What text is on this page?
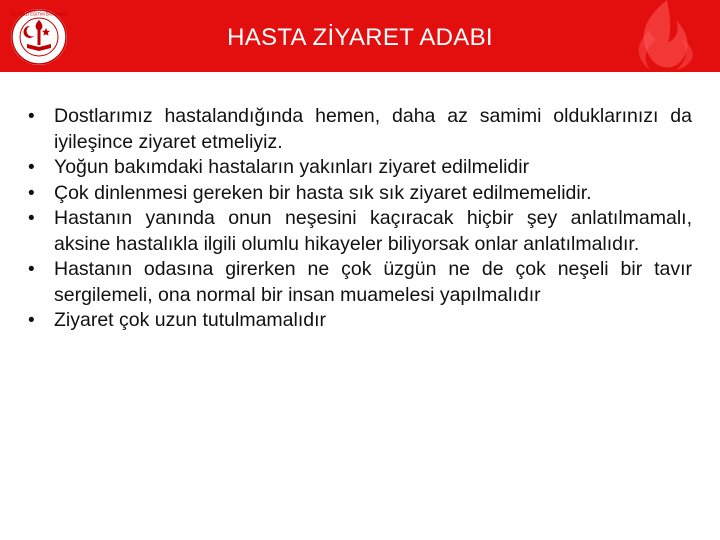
T.C. MİLLİ EĞİTİM BAKANLIĞI
HASTA ZİYARET ADABI
• Dostlarımız hastalandığında hemen, daha az samimi olduklarınızı da iyileşince ziyaret etmeliyiz.
• Yoğun bakımdaki hastaların yakınları ziyaret edilmelidir
• Çok dinlenmesi gereken bir hasta sık sık ziyaret edilmemelidir.
• Hastanın yanında onun neşesini kaçıracak hiçbir şey anlatılmamalı, aksine hastalıkla ilgili olumlu hikayeler biliyorsak onlar anlatılmalıdır.
• Hastanın odasına girerken ne çok üzgün ne de çok neşeli bir tavır sergilemeli, ona normal bir insan muamelesi yapılmalıdır
• Ziyaret çok uzun tutulmamalıdır
